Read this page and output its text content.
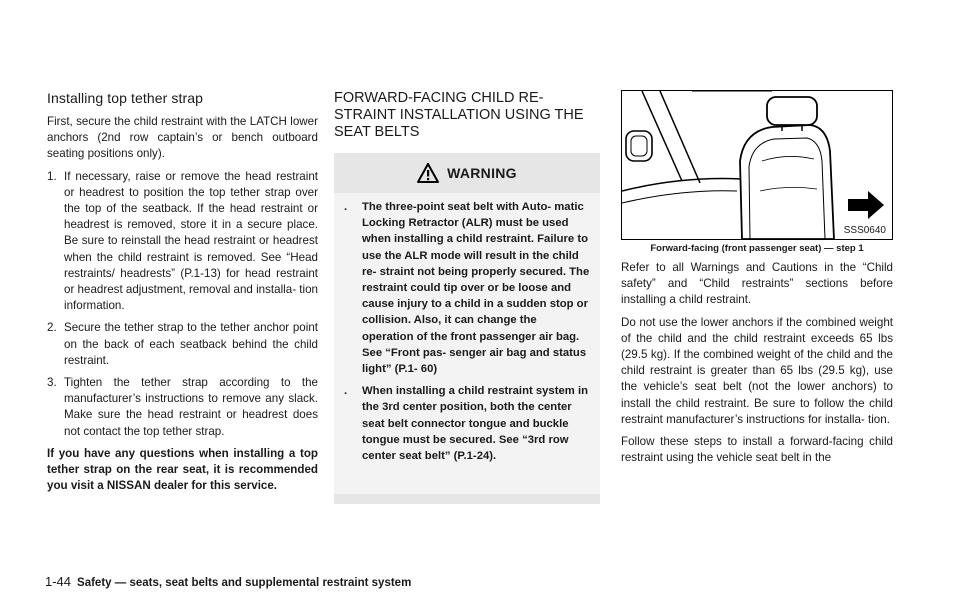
Installing top tether strap

First, secure the child restraint with the LATCH lower anchors (2nd row captain’s or bench outboard seating positions only).

1. If necessary, raise or remove the head restraint or headrest to position the top tether strap over the top of the seatback. If the head restraint or headrest is removed, store it in a secure place. Be sure to reinstall the head restraint or headrest when the child restraint is removed. See “Head restraints/ headrests” (P.1-13) for head restraint or headrest adjustment, removal and installa- tion information.
2. Secure the tether strap to the tether anchor point on the back of each seatback behind the child restraint.
3. Tighten the tether strap according to the manufacturer’s instructions to remove any slack. Make sure the head restraint or headrest does not contact the top tether strap.

If you have any questions when installing a top tether strap on the rear seat, it is recommended you visit a NISSAN dealer for this service.

FORWARD-FACING CHILD RE- STRAINT INSTALLATION USING THE SEAT BELTS
WARNING
.	The three-point seat belt with Auto- matic Locking Retractor (ALR) must be used when installing a child restraint. Failure to use the ALR mode will result in the child re- straint not being properly secured. The restraint could tip over or be loose and cause injury to a child in a sudden stop or collision. Also, it can change the operation of the front passenger air bag. See “Front pas- senger air bag and status light” (P.1- 60)
.	When installing a child restraint system in the 3rd center position, both the center seat belt connector tongue and buckle tongue must be secured. See “3rd row center seat belt” (P.1-24).
SSS0640
Forward-facing (front passenger seat) — step 1

Refer to all Warnings and Cautions in the “Child safety” and “Child restraints” sections before installing a child restraint.

Do not use the lower anchors if the combined weight of the child and the child restraint exceeds 65 lbs (29.5 kg). If the combined weight of the child and the child restraint is greater than 65 lbs (29.5 kg), use the vehicle’s seat belt (not the lower anchors) to install the child restraint. Be sure to follow the child restraint manufacturer’s instructions for installa- tion.

Follow these steps to install a forward-facing child restraint using the vehicle seat belt in the

1-44 Safety — seats, seat belts and supplemental restraint system
